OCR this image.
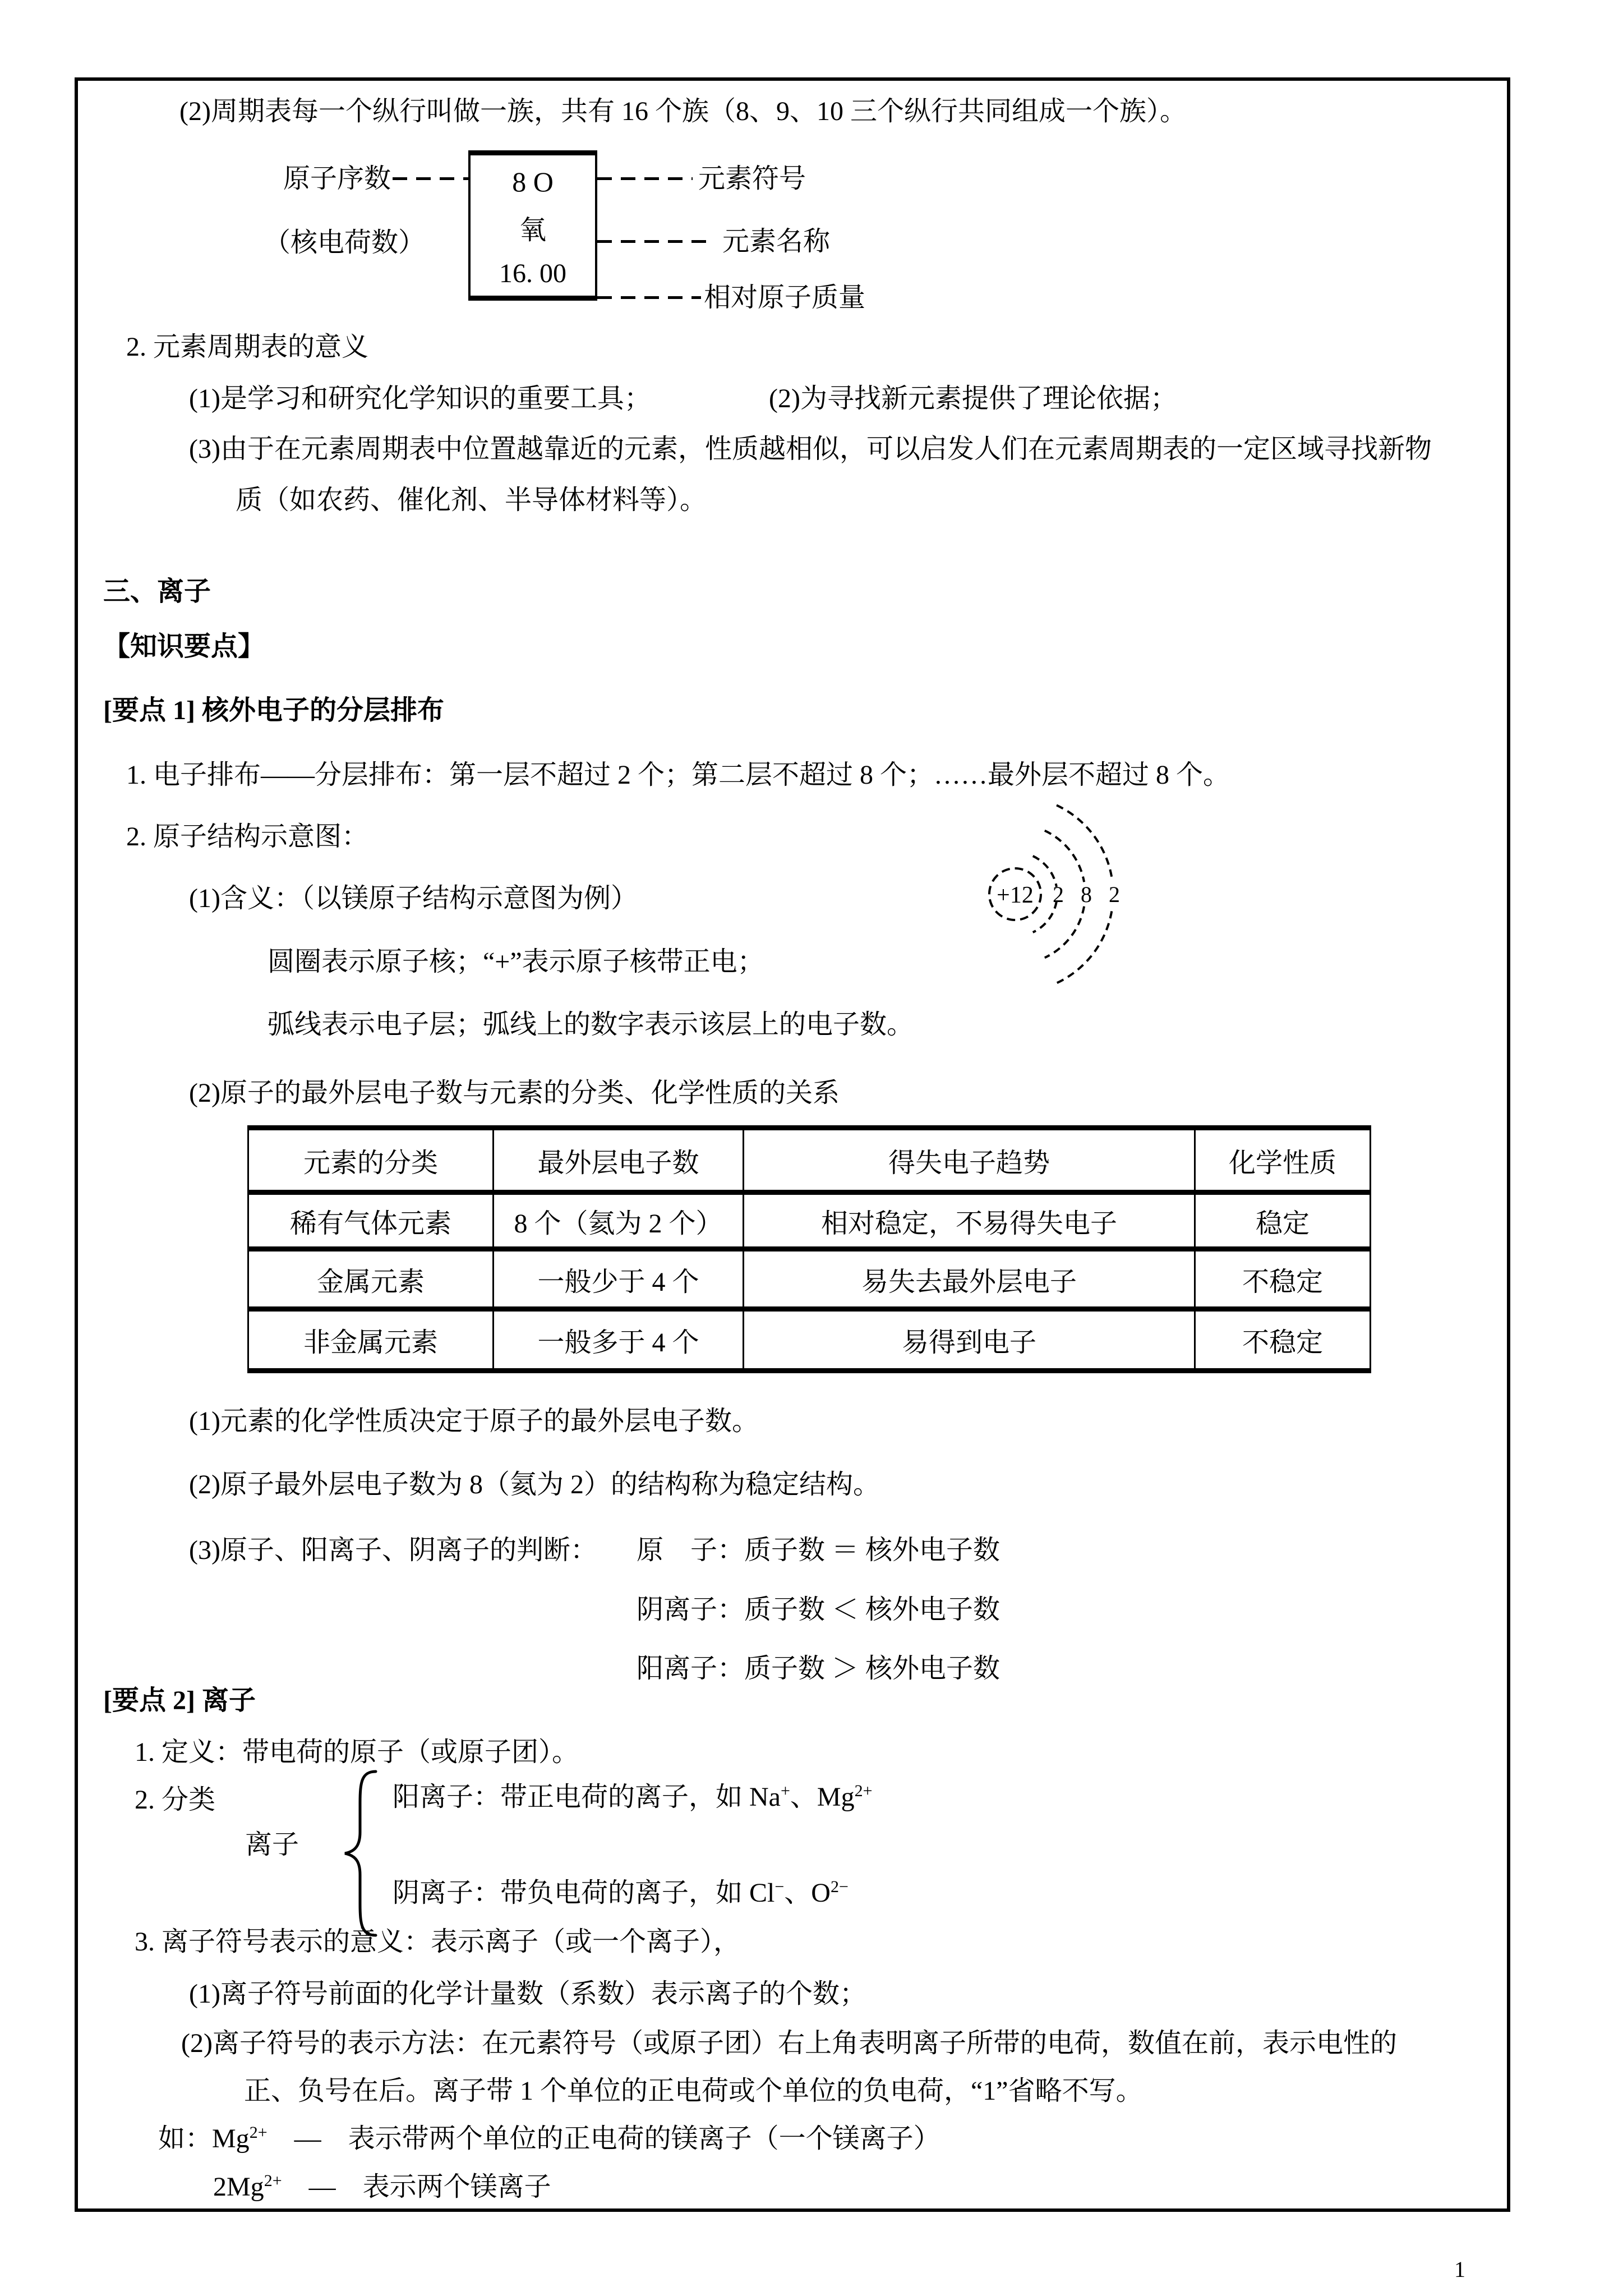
(2)周期表每一个纵行叫做一族，共有 16 个族（8、9、10 三个纵行共同组成一个族）。
原子序数
（核电荷数）
8 O
氧
16. 00
元素符号
元素名称
相对原子质量
2. 元素周期表的意义
(1)是学习和研究化学知识的重要工具；	(2)为寻找新元素提供了理论依据；
(3)由于在元素周期表中位置越靠近的元素，性质越相似，可以启发人们在元素周期表的一定区域寻找新物
质（如农药、催化剂、半导体材料等）。
三、离子
【知识要点】
[要点 1] 核外电子的分层排布
1. 电子排布——分层排布：第一层不超过 2 个；第二层不超过 8 个；……最外层不超过 8 个。
2. 原子结构示意图：
(1)含义：（以镁原子结构示意图为例）
圆圈表示原子核；“+”表示原子核带正电；
弧线表示电子层；弧线上的数字表示该层上的电子数。
(2)原子的最外层电子数与元素的分类、化学性质的关系
+12 2 8 2
元素的分类	最外层电子数	得失电子趋势	化学性质
稀有气体元素	8 个（氦为 2 个）	相对稳定，不易得失电子	稳定
金属元素	一般少于 4 个	易失去最外层电子	不稳定
非金属元素	一般多于 4 个	易得到电子	不稳定
(1)元素的化学性质决定于原子的最外层电子数。
(2)原子最外层电子数为 8（氦为 2）的结构称为稳定结构。
(3)原子、阳离子、阴离子的判断： 原　子：质子数 ＝ 核外电子数
阴离子：质子数 ＜ 核外电子数
阳离子：质子数 ＞ 核外电子数
[要点 2] 离子
1. 定义：带电荷的原子（或原子团）。
2. 分类
离子
阳离子：带正电荷的离子，如 Na+、$Mg^{2+}$
阴离子：带负电荷的离子，如 Cl−、$O^{2-}$
3. 离子符号表示的意义：表示离子（或一个离子），
(1)离子符号前面的化学计量数（系数）表示离子的个数；
(2)离子符号的表示方法：在元素符号（或原子团）右上角表明离子所带的电荷，数值在前，表示电性的
正、负号在后。离子带 1 个单位的正电荷或个单位的负电荷，“1”省略不写。
如：$Mg^{2+}$　—　表示带两个单位的正电荷的镁离子（一个镁离子）
$2Mg^{2+}$　—　表示两个镁离子
1
